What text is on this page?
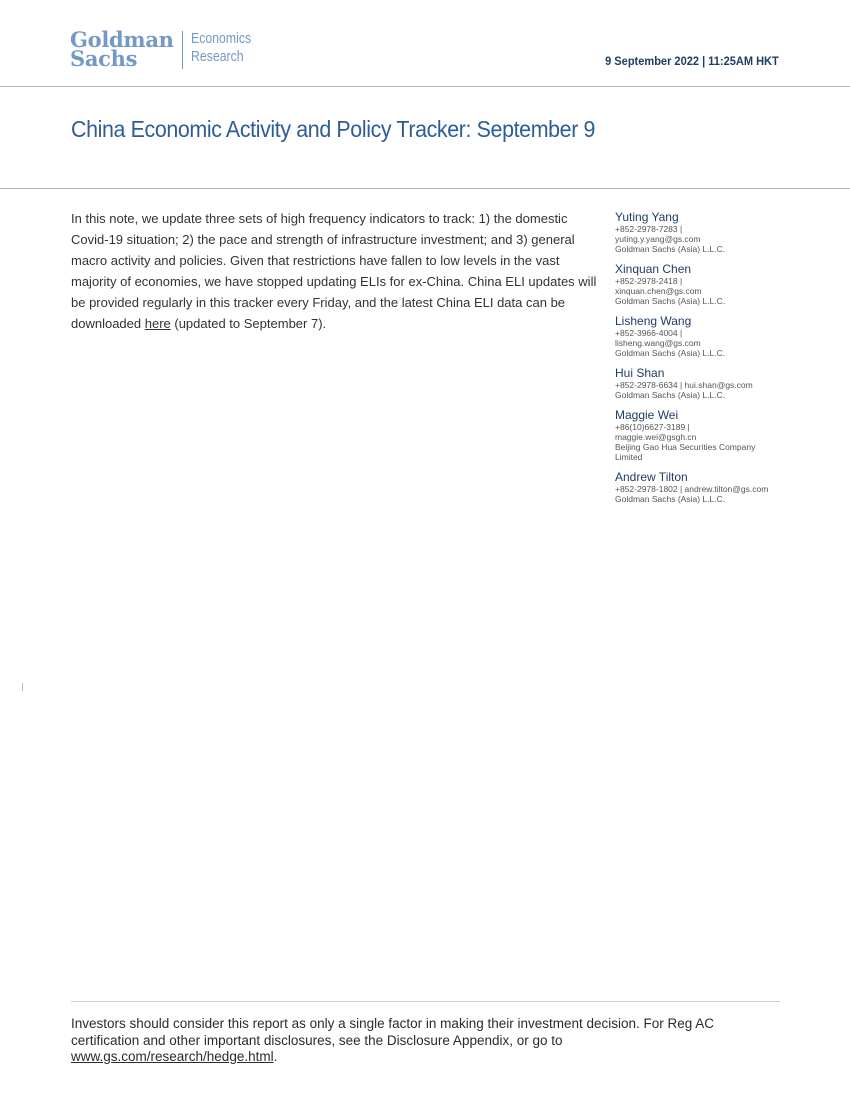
Goldman
Sachs
Economics
Research	9 September 2022 | 11:25AM HKT
China Economic Activity and Policy Tracker: September 9
In this note, we update three sets of high frequency indicators to track: 1) the domestic Covid-19 situation; 2) the pace and strength of infrastructure investment; and 3) general macro activity and policies. Given that restrictions have fallen to low levels in the vast majority of economies, we have stopped updating ELIs for ex-China. China ELI updates will be provided regularly in this tracker every Friday, and the latest China ELI data can be downloaded here (updated to September 7).
Yuting Yang
+852-2978-7283 |
yuting.y.yang@gs.com
Goldman Sachs (Asia) L.L.C.
Xinquan Chen
+852-2978-2418 |
xinquan.chen@gs.com
Goldman Sachs (Asia) L.L.C.
Lisheng Wang
+852-3966-4004 |
lisheng.wang@gs.com
Goldman Sachs (Asia) L.L.C.
Hui Shan
+852-2978-6634 | hui.shan@gs.com
Goldman Sachs (Asia) L.L.C.
Maggie Wei
+86(10)6627-3189 |
maggie.wei@gsgh.cn
Beijing Gao Hua Securities Company
Limited
Andrew Tilton
+852-2978-1802 | andrew.tilton@gs.com
Goldman Sachs (Asia) L.L.C.
Investors should consider this report as only a single factor in making their investment decision. For Reg AC certification and other important disclosures, see the Disclosure Appendix, or go to www.gs.com/research/hedge.html.
